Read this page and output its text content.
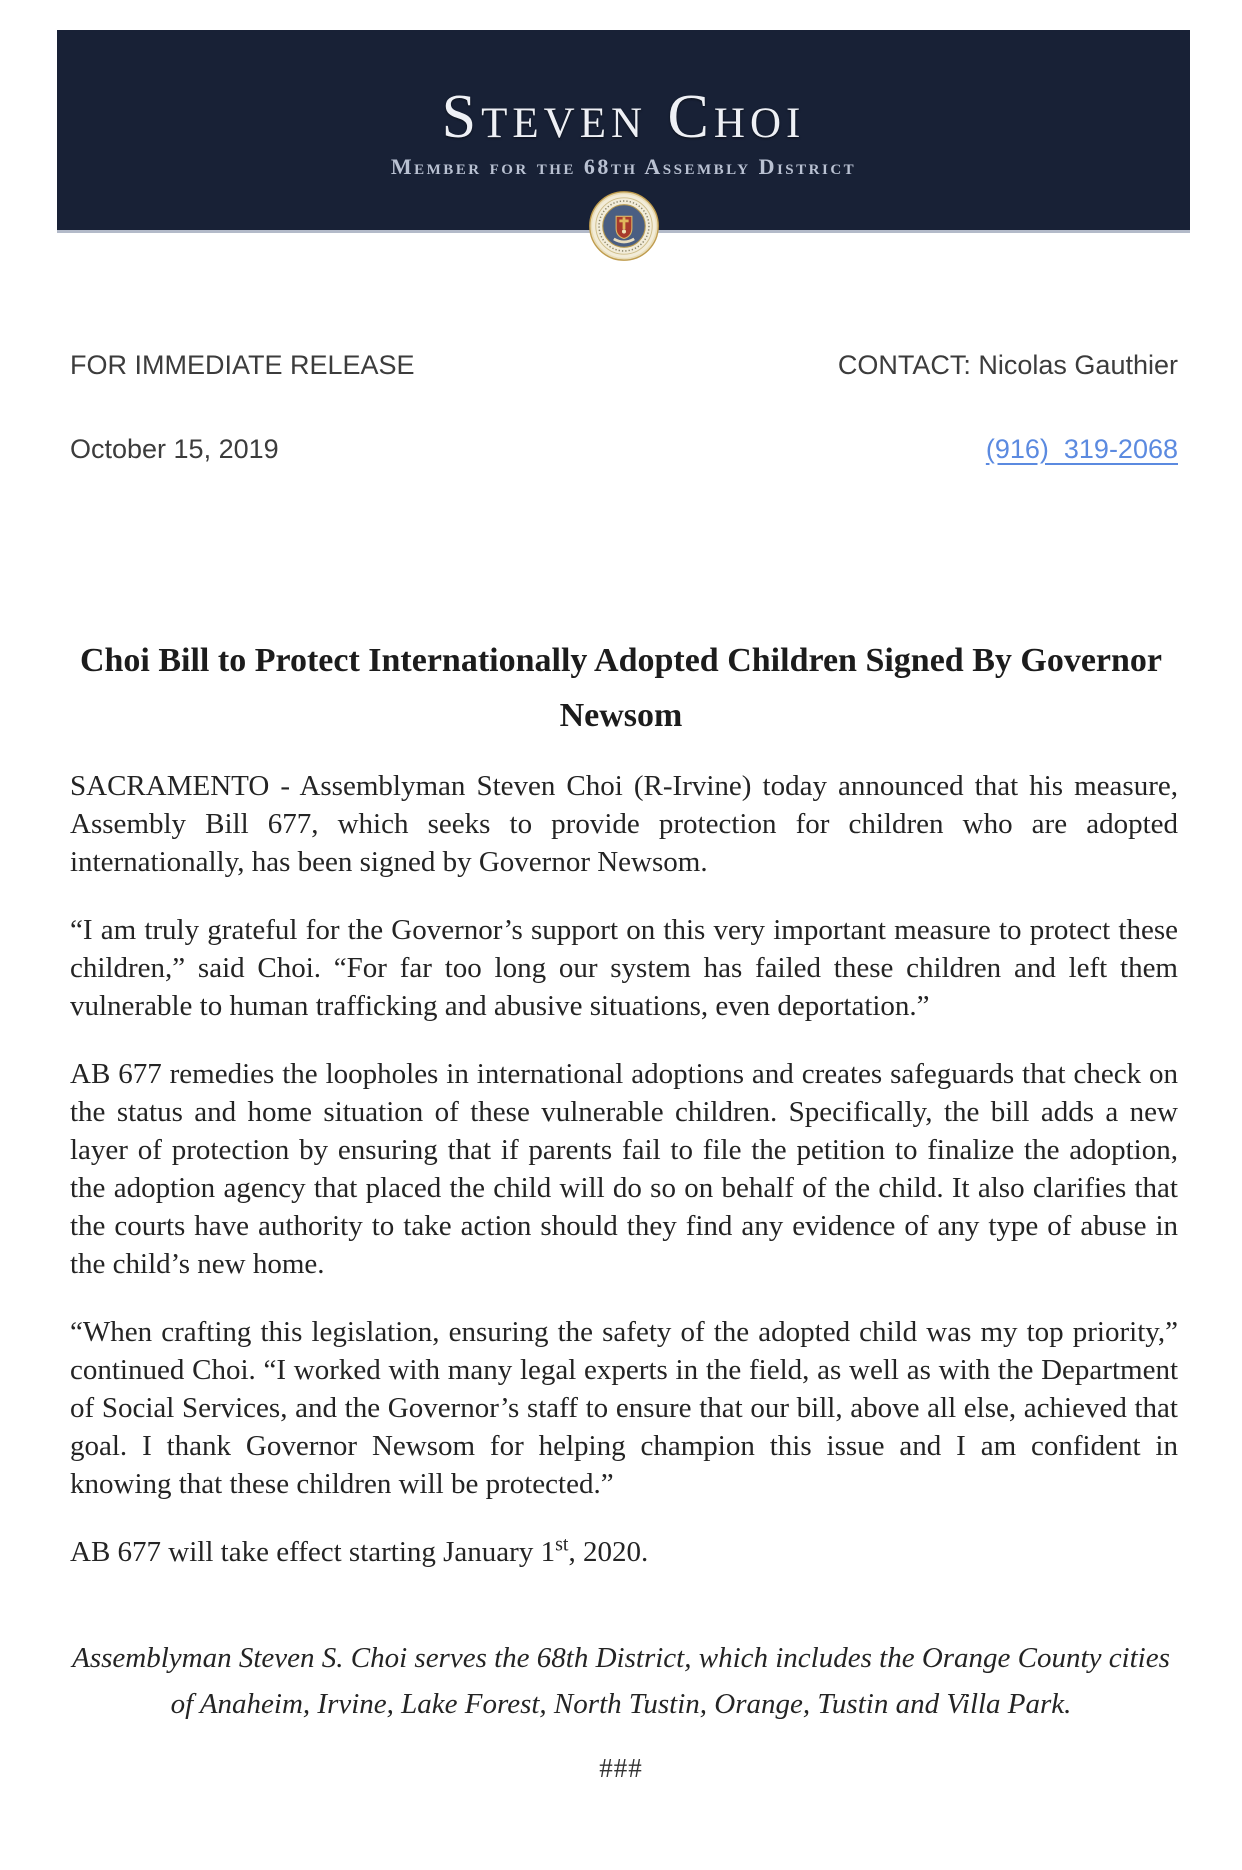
Steven Choi
Member for the 68th Assembly District
FOR IMMEDIATE RELEASE	CONTACT: Nicolas Gauthier
October 15, 2019	(916)  319-2068
Choi Bill to Protect Internationally Adopted Children Signed By Governor Newsom

SACRAMENTO - Assemblyman Steven Choi (R-Irvine) today announced that his measure, Assembly Bill 677, which seeks to provide protection for children who are adopted internationally, has been signed by Governor Newsom.

“I am truly grateful for the Governor’s support on this very important measure to protect these children,” said Choi. “For far too long our system has failed these children and left them vulnerable to human trafficking and abusive situations, even deportation.”

AB 677 remedies the loopholes in international adoptions and creates safeguards that check on the status and home situation of these vulnerable children. Specifically, the bill adds a new layer of protection by ensuring that if parents fail to file the petition to finalize the adoption, the adoption agency that placed the child will do so on behalf of the child. It also clarifies that the courts have authority to take action should they find any evidence of any type of abuse in the child’s new home.

“When crafting this legislation, ensuring the safety of the adopted child was my top priority,” continued Choi. “I worked with many legal experts in the field, as well as with the Department of Social Services, and the Governor’s staff to ensure that our bill, above all else, achieved that goal. I thank Governor Newsom for helping champion this issue and I am confident in knowing that these children will be protected.”

AB 677 will take effect starting January 1st, 2020.

Assemblyman Steven S. Choi serves the 68th District, which includes the Orange County cities of Anaheim, Irvine, Lake Forest, North Tustin, Orange, Tustin and Villa Park.

###
